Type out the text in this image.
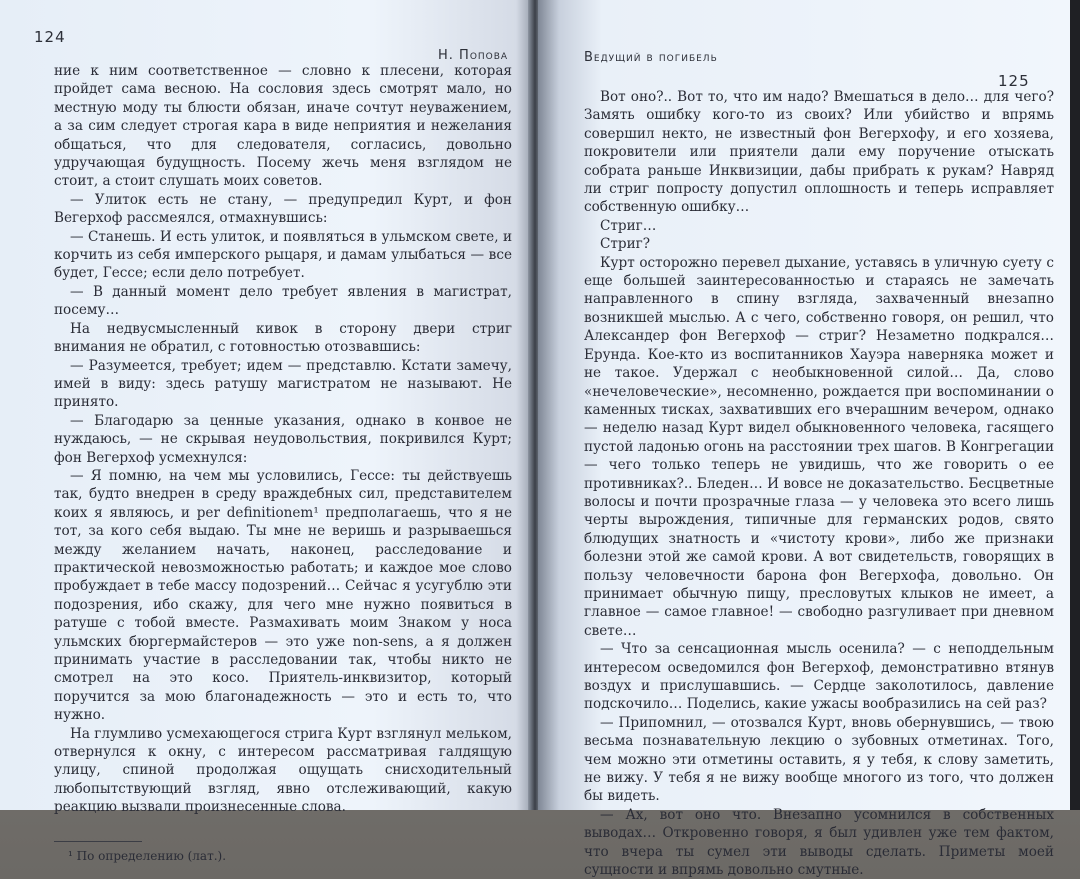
124
Н. Попова

ние к ним соответственное — словно к плесени, которая пройдет сама весною. На сословия здесь смотрят мало, но местную моду ты блюсти обязан, иначе сочтут неуважением, а за сим следует строгая кара в виде неприятия и нежелания общаться, что для следователя, согласись, довольно удручающая будущность. Посему жечь меня взглядом не стоит, а стоит слушать моих советов.

— Улиток есть не стану, — предупредил Курт, и фон Вегерхоф рассмеялся, отмахнувшись:

— Станешь. И есть улиток, и появляться в ульмском свете, и корчить из себя имперского рыцаря, и дамам улыбаться — все будет, Гессе; если дело потребует.

— В данный момент дело требует явления в магистрат, посему…

На недвусмысленный кивок в сторону двери стриг внимания не обратил, с готовностью отозвавшись:

— Разумеется, требует; идем — представлю. Кстати замечу, имей в виду: здесь ратушу магистратом не называют. Не принято.

— Благодарю за ценные указания, однако в конвое не нуждаюсь, — не скрывая неудовольствия, покривился Курт; фон Вегерхоф усмехнулся:

— Я помню, на чем мы условились, Гессе: ты действуешь так, будто внедрен в среду враждебных сил, представителем коих я являюсь, и per definitionem¹ предполагаешь, что я не тот, за кого себя выдаю. Ты мне не веришь и разрываешься между желанием начать, наконец, расследование и практической невозможностью работать; и каждое мое слово пробуждает в тебе массу подозрений… Сейчас я усугублю эти подозрения, ибо скажу, для чего мне нужно появиться в ратуше с тобой вместе. Размахивать моим Знаком у носа ульмских бюргермайстеров — это уже non-sens, а я должен принимать участие в расследовании так, чтобы никто не смотрел на это косо. Приятель-инквизитор, который поручится за мою благонадежность — это и есть то, что нужно.

На глумливо усмехающегося стрига Курт взглянул мельком, отвернулся к окну, с интересом рассматривая галдящую улицу, спиной продолжая ощущать снисходительный любопытствующий взгляд, явно отслеживающий, какую реакцию вызвали произнесенные слова.

¹ По определению (лат.).

Ведущий в погибель
125

Вот оно?.. Вот то, что им надо? Вмешаться в дело… для чего? Замять ошибку кого-то из своих? Или убийство и впрямь совершил некто, не известный фон Вегерхофу, и его хозяева, покровители или приятели дали ему поручение отыскать собрата раньше Инквизиции, дабы прибрать к рукам? Навряд ли стриг попросту допустил оплошность и теперь исправляет собственную ошибку…

Стриг…

Стриг?

Курт осторожно перевел дыхание, уставясь в уличную суету с еще большей заинтересованностью и стараясь не замечать направленного в спину взгляда, захваченный внезапно возникшей мыслью. А с чего, собственно говоря, он решил, что Александер фон Вегерхоф — стриг? Незаметно подкрался… Ерунда. Кое-кто из воспитанников Хауэра наверняка может и не такое. Удержал с необыкновенной силой… Да, слово «нечеловеческие», несомненно, рождается при воспоминании о каменных тисках, захвативших его вчерашним вечером, однако — неделю назад Курт видел обыкновенного человека, гасящего пустой ладонью огонь на расстоянии трех шагов. В Конгрегации — чего только теперь не увидишь, что же говорить о ее противниках?.. Бледен… И вовсе не доказательство. Бесцветные волосы и почти прозрачные глаза — у человека это всего лишь черты вырождения, типичные для германских родов, свято блюдущих знатность и «чистоту крови», либо же признаки болезни этой же самой крови. А вот свидетельств, говорящих в пользу человечности барона фон Вегерхофа, довольно. Он принимает обычную пищу, пресловутых клыков не имеет, а главное — самое главное! — свободно разгуливает при дневном свете…

— Что за сенсационная мысль осенила? — с неподдельным интересом осведомился фон Вегерхоф, демонстративно втянув воздух и прислушавшись. — Сердце заколотилось, давление подскочило… Поделись, какие ужасы вообразились на сей раз?

— Припомнил, — отозвался Курт, вновь обернувшись, — твою весьма познавательную лекцию о зубовных отметинах. Того, чем можно эти отметины оставить, я у тебя, к слову заметить, не вижу. У тебя я не вижу вообще многого из того, что должен бы видеть.

— Ах, вот оно что. Внезапно усомнился в собственных выводах… Откровенно говоря, я был удивлен уже тем фактом, что вчера ты сумел эти выводы сделать. Приметы моей сущности и впрямь довольно смутные.
